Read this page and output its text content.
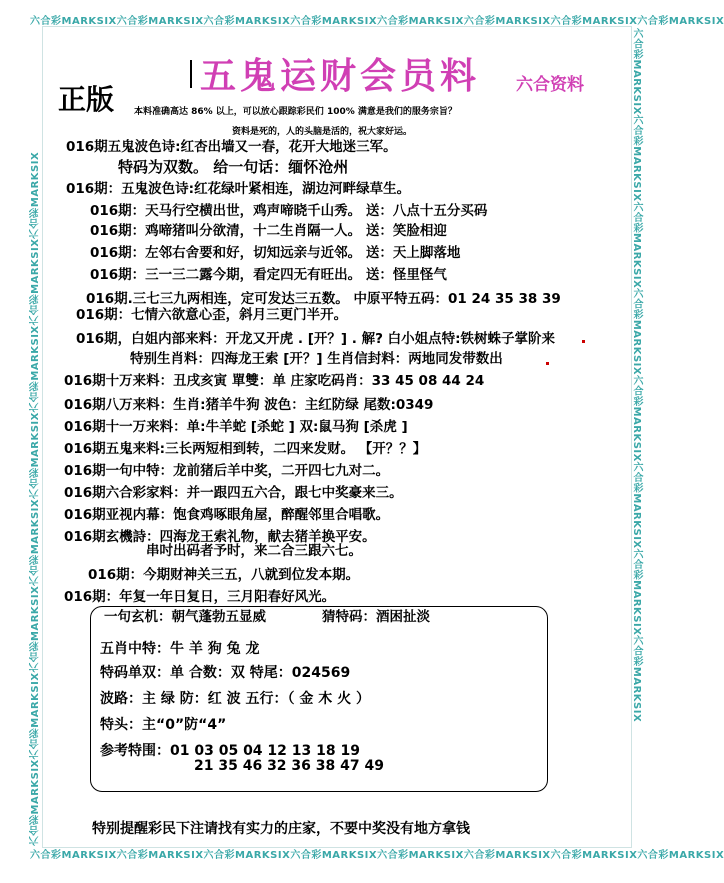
六合彩MARKSIX六合彩MARKSIX六合彩MARKSIX六合彩MARKSIX六合彩MARKSIX六合彩MARKSIX六合彩MARKSIX六合彩MARKSIX
六合彩MARKSIX六合彩MARKSIX六合彩MARKSIX六合彩MARKSIX六合彩MARKSIX六合彩MARKSIX六合彩MARKSIX六合彩MARKSIX
六合彩MARKSIX六合彩MARKSIX六合彩MARKSIX六合彩MARKSIX六合彩MARKSIX六合彩MARKSIX六合彩MARKSIX六合彩MARKSIX	六合彩MARKSIX六合彩MARKSIX六合彩MARKSIX六合彩MARKSIX六合彩MARKSIX六合彩MARKSIX六合彩MARKSIX六合彩MARKSIX
五鬼运财会员料
正版	六合资料
本料准确高达 86% 以上，可以放心跟踪彩民们 100% 满意是我们的服务宗旨？
资料是死的，人的头脑是活的，祝大家好运。
016期五鬼波色诗:红杏出墙又一春，花开大地迷三军。
特码为双数。 给一句话：缅怀沧州
016期：五鬼波色诗:红花绿叶紧相连，湖边河畔绿草生。
016期：天马行空横出世，鸡声啼晓千山秀。 送：八点十五分买码
016期：鸡啼猪叫分欲清，十二生肖隔一人。 送：笑脸相迎
016期：左邻右舍要和好，切知远亲与近邻。 送：天上脚落地
016期：三一三二露今期，看定四无有旺出。 送：怪里怪气
016期.三七三九两相连，定可发达三五数。 中原平特五码：01 24 35 38 39
016期：七情六欲意心歪，斜月三更门半开。
016期，白姐内部来料：开龙又开虎 . [开？] . 解? 白小姐点特:铁树蛛子掌阶来
特别生肖料：四海龙王索 [开？] 生肖信封料：两地同发带数出
016期十万来料：丑戌亥寅 單雙：单 庄家吃码肖：33 45 08 44 24
016期八万来料：生肖:猪羊牛狗 波色：主红防绿 尾数:0349
016期十一万来料：单:牛羊蛇 [杀蛇 ] 双:鼠马狗 [杀虎 ]
016期五鬼来料:三长两短相到转，二四来发财。 【开？？】
016期一句中特：龙前猪后羊中奖，二开四七九对二。
016期六合彩家料：并一跟四五六合，跟七中奖豪来三。
016期亚视内幕：饱食鸡啄眼角屋，醉醒邻里合唱歌。
016期玄機詩：四海龙王索礼物，献去猪羊换平安。
串吋出码者予时，来二合三跟六七。
016期：今期财神关三五，八就到位发本期。
016期：年复一年日复日，三月阳春好风光。
一句玄机：朝气蓬勃五显威	猜特码：酒困扯淡
五肖中特：牛 羊 狗 兔 龙
特码单双：单 合数：双 特尾：024569
波路：主 绿 防：红 波 五行：（ 金 木 火 ）
特头：主“0”防“4”
参考特围：01 03 05 04 12 13 18 19
21 35 46 32 36 38 47 49
特别提醒彩民下注请找有实力的庄家，不要中奖没有地方拿钱
